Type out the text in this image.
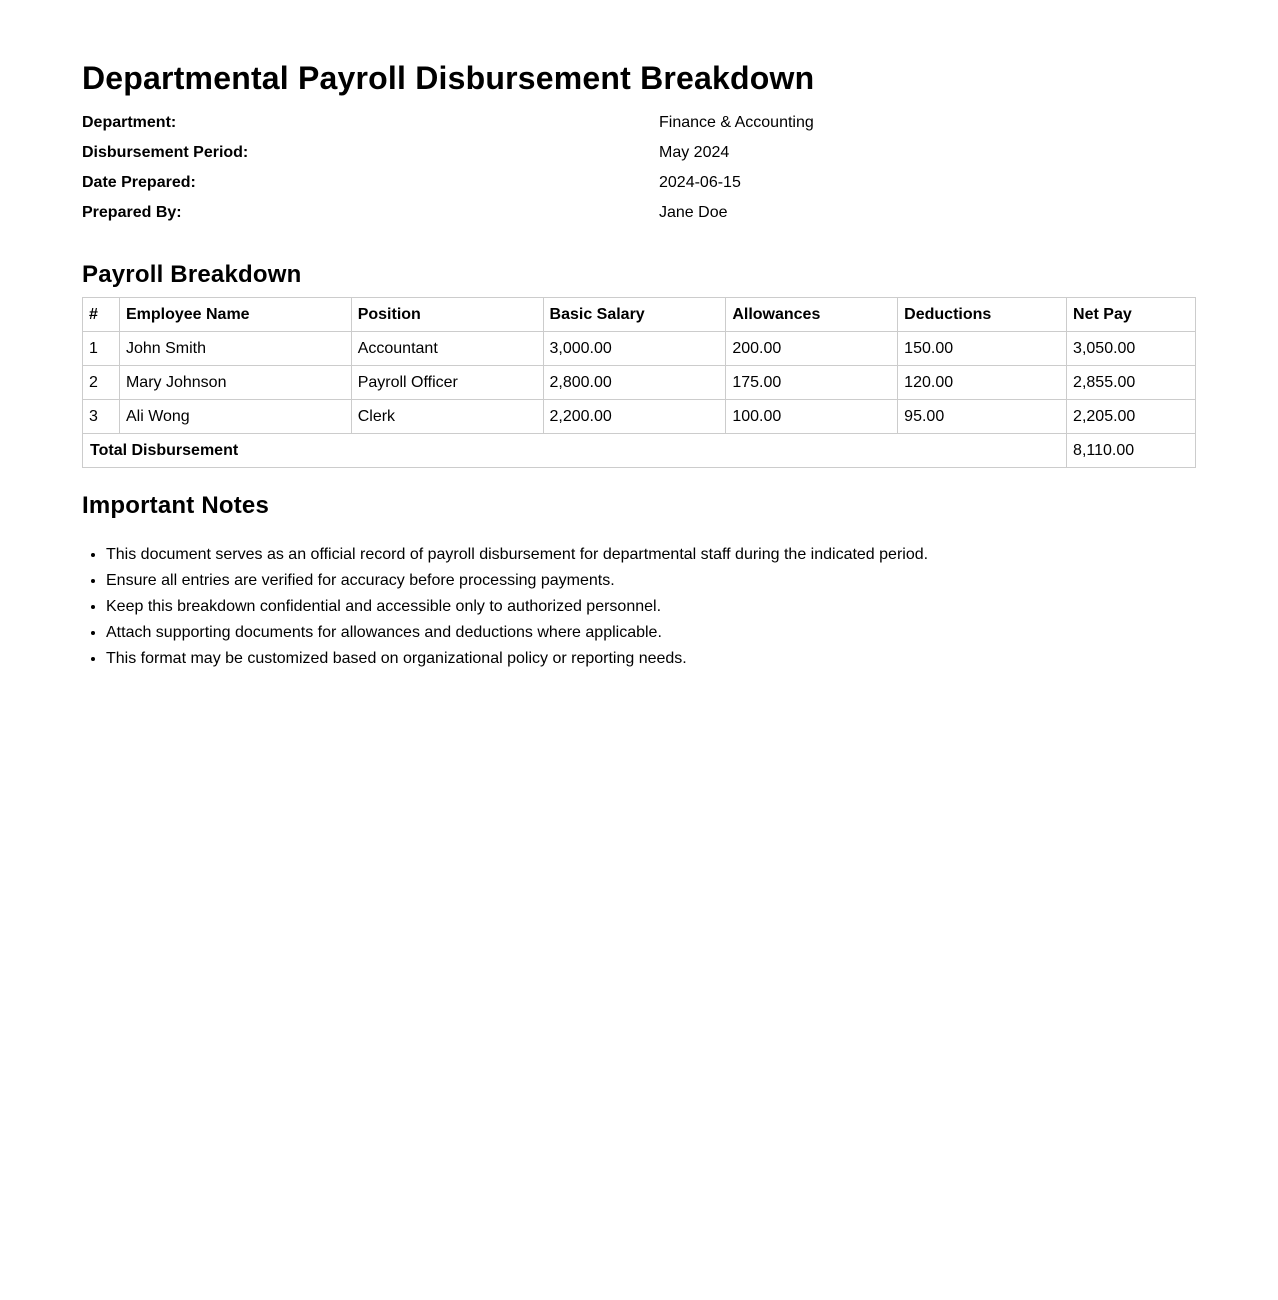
Departmental Payroll Disbursement Breakdown
Department:	Finance & Accounting
Disbursement Period:	May 2024
Date Prepared:	2024-06-15
Prepared By:	Jane Doe
Payroll Breakdown
#	Employee Name	Position	Basic Salary	Allowances	Deductions	Net Pay
1	John Smith	Accountant	3,000.00	200.00	150.00	3,050.00
2	Mary Johnson	Payroll Officer	2,800.00	175.00	120.00	2,855.00
3	Ali Wong	Clerk	2,200.00	100.00	95.00	2,205.00
Total Disbursement						8,110.00
Important Notes
• This document serves as an official record of payroll disbursement for departmental staff during the indicated period.
• Ensure all entries are verified for accuracy before processing payments.
• Keep this breakdown confidential and accessible only to authorized personnel.
• Attach supporting documents for allowances and deductions where applicable.
• This format may be customized based on organizational policy or reporting needs.
